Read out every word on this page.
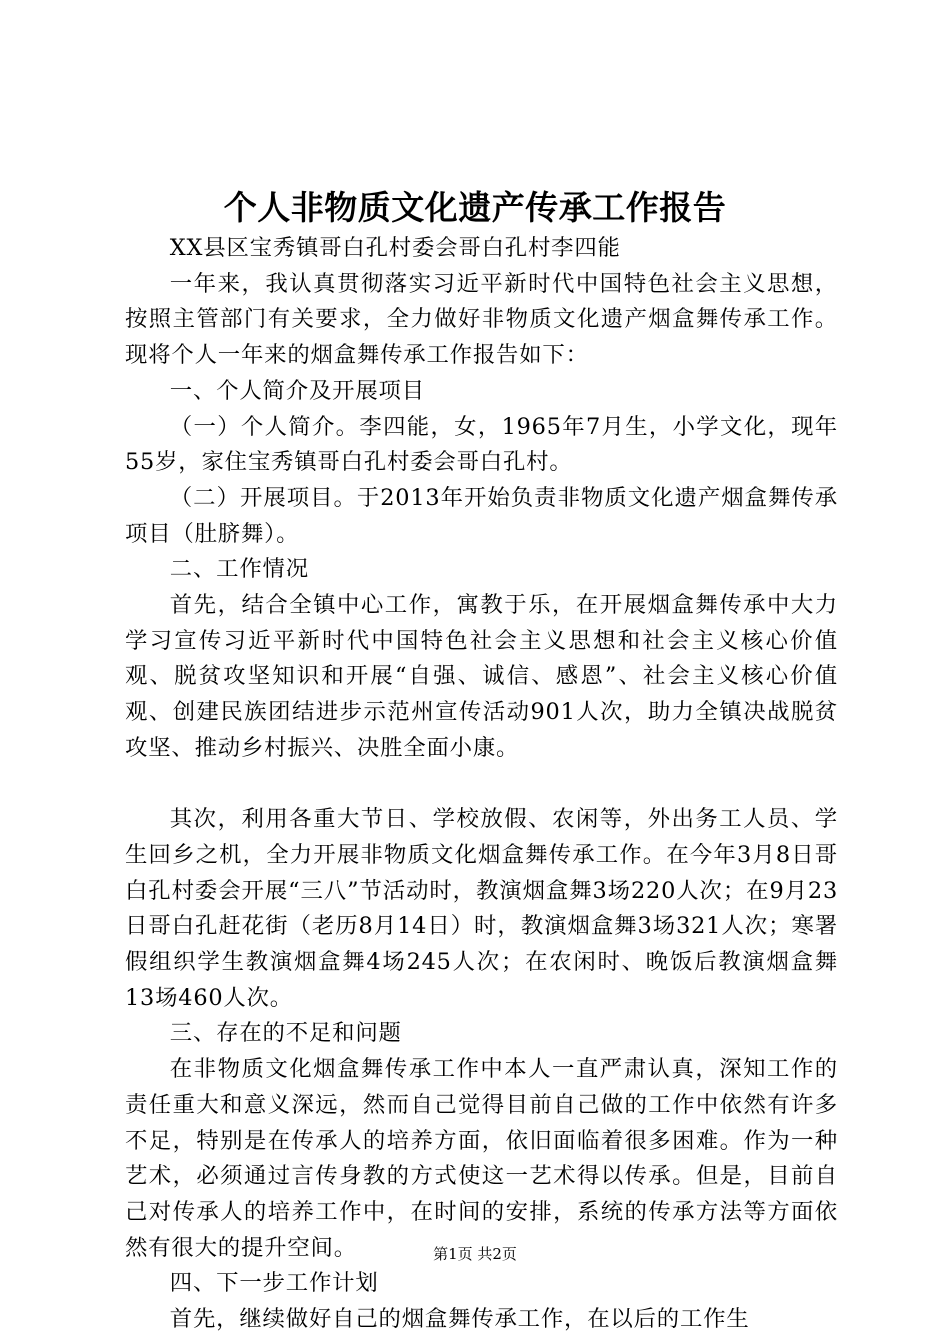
个人非物质文化遗产传承工作报告

XX县区宝秀镇哥白孔村委会哥白孔村李四能

一年来，我认真贯彻落实习近平新时代中国特色社会主义思想，按照主管部门有关要求，全力做好非物质文化遗产烟盒舞传承工作。现将个人一年来的烟盒舞传承工作报告如下：

一、个人简介及开展项目

（一）个人简介。李四能，女，1965年7月生，小学文化，现年55岁，家住宝秀镇哥白孔村委会哥白孔村。

（二）开展项目。于2013年开始负责非物质文化遗产烟盒舞传承项目（肚脐舞）。

二、工作情况

首先，结合全镇中心工作，寓教于乐，在开展烟盒舞传承中大力学习宣传习近平新时代中国特色社会主义思想和社会主义核心价值观、脱贫攻坚知识和开展“自强、诚信、感恩”、社会主义核心价值观、创建民族团结进步示范州宣传活动901人次，助力全镇决战脱贫攻坚、推动乡村振兴、决胜全面小康。

其次，利用各重大节日、学校放假、农闲等，外出务工人员、学生回乡之机，全力开展非物质文化烟盒舞传承工作。在今年3月8日哥白孔村委会开展“三八”节活动时，教演烟盒舞3场220人次；在9月23日哥白孔赶花街（老历8月14日）时，教演烟盒舞3场321人次；寒署假组织学生教演烟盒舞4场245人次；在农闲时、晚饭后教演烟盒舞13场460人次。

三、存在的不足和问题

在非物质文化烟盒舞传承工作中本人一直严肃认真，深知工作的责任重大和意义深远，然而自己觉得目前自己做的工作中依然有许多不足，特别是在传承人的培养方面，依旧面临着很多困难。作为一种艺术，必须通过言传身教的方式使这一艺术得以传承。但是，目前自己对传承人的培养工作中，在时间的安排，系统的传承方法等方面依然有很大的提升空间。

四、下一步工作计划

首先，继续做好自己的烟盒舞传承工作，在以后的工作生

第1页 共2页
